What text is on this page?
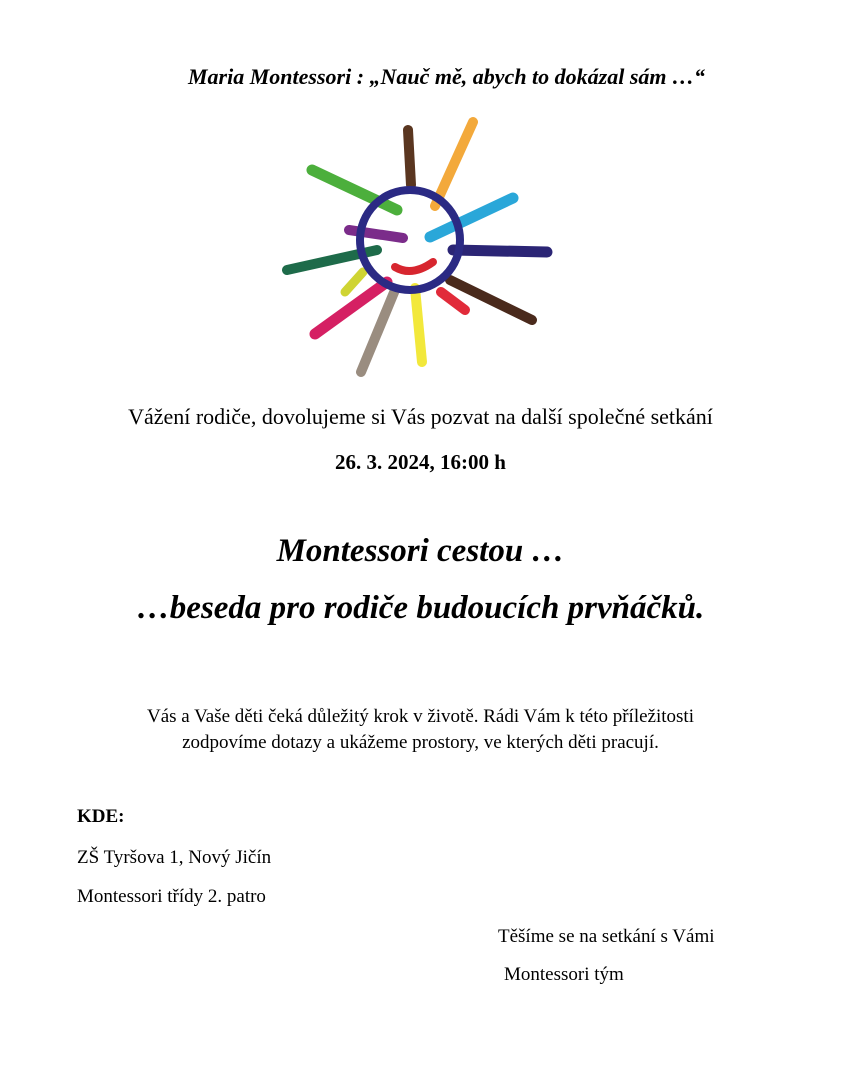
Maria Montessori : „Nauč mě, abych to dokázal sám …“
Vážení rodiče, dovolujeme si Vás pozvat na další společné setkání
26. 3. 2024, 16:00 h
Montessori cestou …
…beseda pro rodiče budoucích prvňáčků.
Vás a Vaše děti čeká důležitý krok v životě. Rádi Vám k této příležitosti
zodpovíme dotazy a ukážeme prostory, ve kterých děti pracují.
KDE:
ZŠ Tyršova 1, Nový Jičín
Montessori třídy 2. patro
Těšíme se na setkání s Vámi
Montessori tým
